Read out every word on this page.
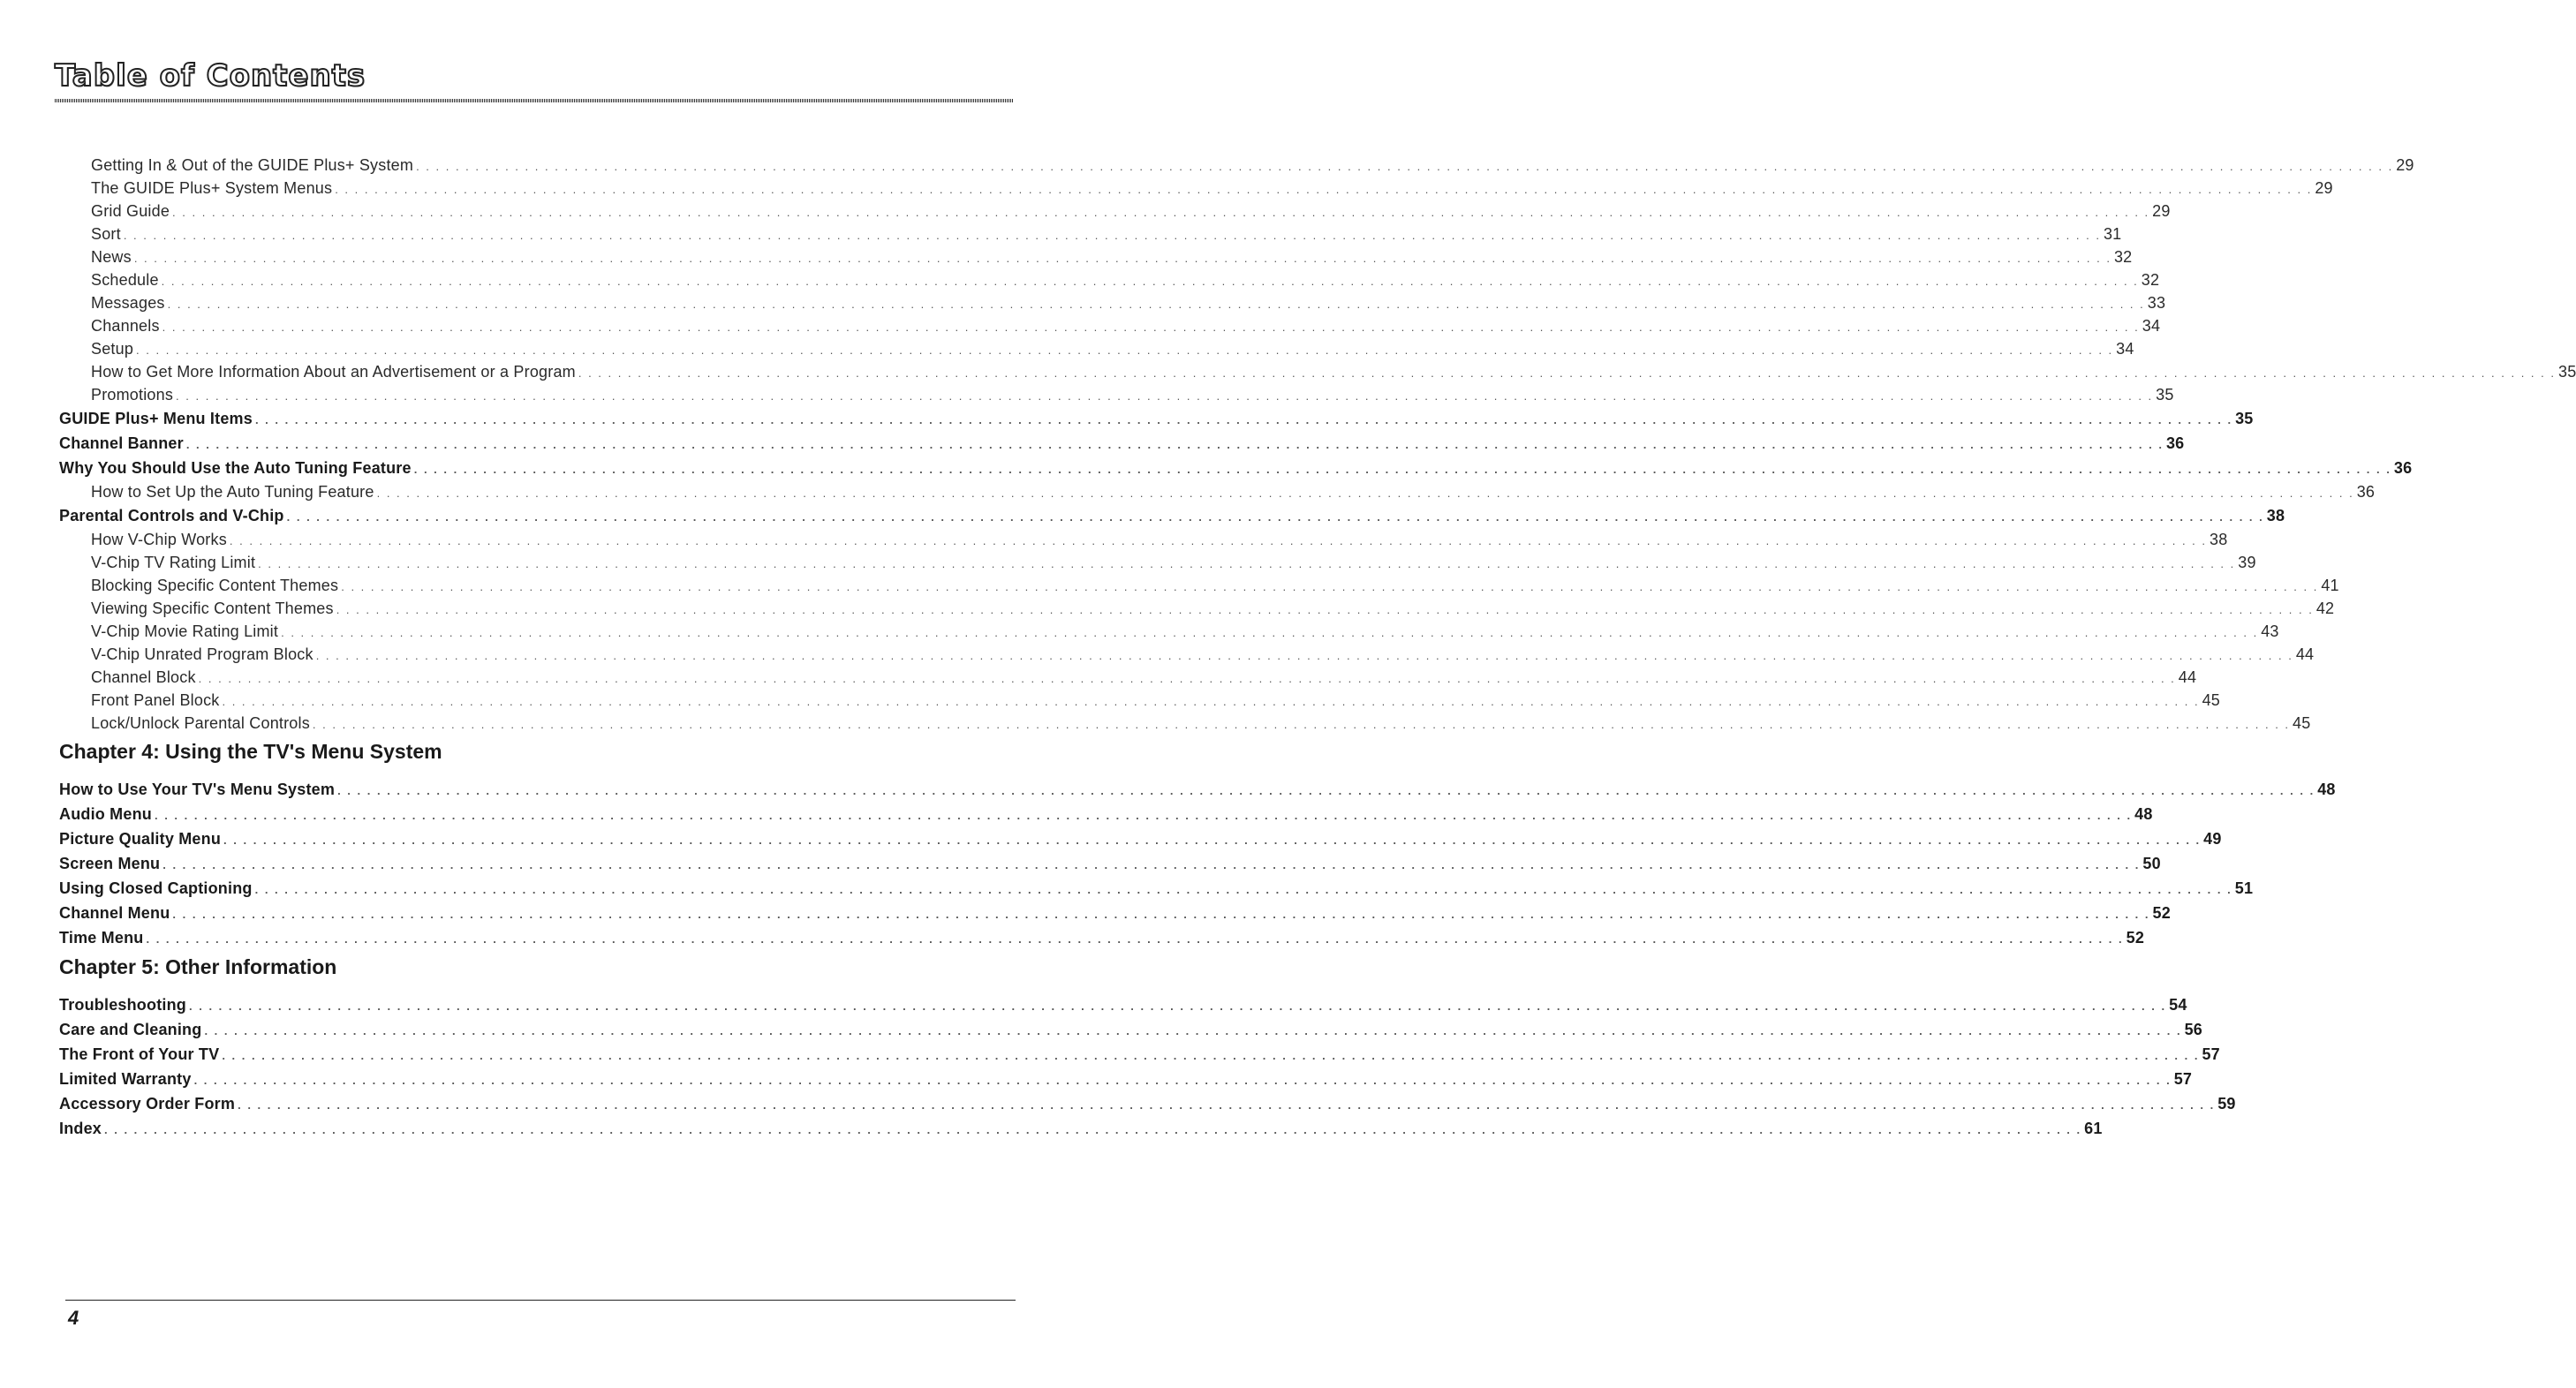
Table of Contents
Getting In & Out of the GUIDE Plus+ System . . . . . . . . . . . . . . . . . . . . . . . . . . . . . . . . . . . . . . . . . . . . . . . . . . . . . . . . . . . . . . . . . . . . . . . . . . . . . . . . . . . . . . . . . . . . . . . . . . . . . . . . . . . . . . . . . . . . . . . . . . . . . . . . . . . . . . . . . . . . . . . . . . . . . . . . . . . . . . . . . . . . . . . . . . . . . . . . . . . . . . . . . . . . . . . . . . . . . . . . 29
The GUIDE Plus+ System Menus . . . . . . . . . . . . . . . . . . . . . . . . . . . . . . . . . . . . . . . . . . . . . . . . . . . . . . . . . . . . . . . . . . . . . . . . . . . . . . . . . . . . . . . . . . . . . . . . . . . . . . . . . . . . . . . . . . . . . . . . . . . . . . . . . . . . . . . . . . . . . . . . . . . . . . . . . . . . . . . . . . . . . . . . . . . . . . . . . . . . . . . . . . . . . . . . . . . . . . . . 29
Grid Guide . . . . . . . . . . . . . . . . . . . . . . . . . . . . . . . . . . . . . . . . . . . . . . . . . . . . . . . . . . . . . . . . . . . . . . . . . . . . . . . . . . . . . . . . . . . . . . . . . . . . . . . . . . . . . . . . . . . . . . . . . . . . . . . . . . . . . . . . . . . . . . . . . . . . . . . . . . . . . . . . . . . . . . . . . . . . . . . . . . . . . . . . . . . . . . . . . . . . . . . . 29
Sort . . . . . . . . . . . . . . . . . . . . . . . . . . . . . . . . . . . . . . . . . . . . . . . . . . . . . . . . . . . . . . . . . . . . . . . . . . . . . . . . . . . . . . . . . . . . . . . . . . . . . . . . . . . . . . . . . . . . . . . . . . . . . . . . . . . . . . . . . . . . . . . . . . . . . . . . . . . . . . . . . . . . . . . . . . . . . . . . . . . . . . . . . . . . . . . . . . . . . . . . 31
News . . . . . . . . . . . . . . . . . . . . . . . . . . . . . . . . . . . . . . . . . . . . . . . . . . . . . . . . . . . . . . . . . . . . . . . . . . . . . . . . . . . . . . . . . . . . . . . . . . . . . . . . . . . . . . . . . . . . . . . . . . . . . . . . . . . . . . . . . . . . . . . . . . . . . . . . . . . . . . . . . . . . . . . . . . . . . . . . . . . . . . . . . . . . . . . . . . . . . . . . 32
Schedule . . . . . . . . . . . . . . . . . . . . . . . . . . . . . . . . . . . . . . . . . . . . . . . . . . . . . . . . . . . . . . . . . . . . . . . . . . . . . . . . . . . . . . . . . . . . . . . . . . . . . . . . . . . . . . . . . . . . . . . . . . . . . . . . . . . . . . . . . . . . . . . . . . . . . . . . . . . . . . . . . . . . . . . . . . . . . . . . . . . . . . . . . . . . . . . . . . . . . . . . 32
Messages . . . . . . . . . . . . . . . . . . . . . . . . . . . . . . . . . . . . . . . . . . . . . . . . . . . . . . . . . . . . . . . . . . . . . . . . . . . . . . . . . . . . . . . . . . . . . . . . . . . . . . . . . . . . . . . . . . . . . . . . . . . . . . . . . . . . . . . . . . . . . . . . . . . . . . . . . . . . . . . . . . . . . . . . . . . . . . . . . . . . . . . . . . . . . . . . . . . . . . . . 33
Channels . . . . . . . . . . . . . . . . . . . . . . . . . . . . . . . . . . . . . . . . . . . . . . . . . . . . . . . . . . . . . . . . . . . . . . . . . . . . . . . . . . . . . . . . . . . . . . . . . . . . . . . . . . . . . . . . . . . . . . . . . . . . . . . . . . . . . . . . . . . . . . . . . . . . . . . . . . . . . . . . . . . . . . . . . . . . . . . . . . . . . . . . . . . . . . . . . . . . . . . . 34
Setup . . . . . . . . . . . . . . . . . . . . . . . . . . . . . . . . . . . . . . . . . . . . . . . . . . . . . . . . . . . . . . . . . . . . . . . . . . . . . . . . . . . . . . . . . . . . . . . . . . . . . . . . . . . . . . . . . . . . . . . . . . . . . . . . . . . . . . . . . . . . . . . . . . . . . . . . . . . . . . . . . . . . . . . . . . . . . . . . . . . . . . . . . . . . . . . . . . . . . . . . 34
How to Get More Information About an Advertisement or a Program . . . . . . . . . . . . . . . . . . . . . . . . . . . . . . . . . . . . . . . . . . . . . . . . . . . . . . . . . . . . . . . . . . . . . . . . . . . . . . . . . . . . . . . . . . . . . . . . . . . . . . . . . . . . . . . . . . . . . . . . . . . . . . . . . . . . . . . . . . . . . . . . . . . . . . . . . . . . . . . . . . . . . . . . . . . . . . . . . . . . . . . . . . . . . . . . . . . . . . . . 35
Promotions . . . . . . . . . . . . . . . . . . . . . . . . . . . . . . . . . . . . . . . . . . . . . . . . . . . . . . . . . . . . . . . . . . . . . . . . . . . . . . . . . . . . . . . . . . . . . . . . . . . . . . . . . . . . . . . . . . . . . . . . . . . . . . . . . . . . . . . . . . . . . . . . . . . . . . . . . . . . . . . . . . . . . . . . . . . . . . . . . . . . . . . . . . . . . . . . . . . . . . . . 35
GUIDE Plus+ Menu Items . . . . . . . . . . . . . . . . . . . . . . . . . . . . . . . . . . . . . . . . . . . . . . . . . . . . . . . . . . . . . . . . . . . . . . . . . . . . . . . . . . . . . . . . . . . . . . . . . . . . . . . . . . . . . . . . . . . . . . . . . . . . . . . . . . . . . . . . . . . . . . . . . . . . . . . . . . . . . . . . . . . . . . . . . . . . . . . . . . . . . . . . . . . . . . . . . . . . . . . . 35
Channel Banner . . . . . . . . . . . . . . . . . . . . . . . . . . . . . . . . . . . . . . . . . . . . . . . . . . . . . . . . . . . . . . . . . . . . . . . . . . . . . . . . . . . . . . . . . . . . . . . . . . . . . . . . . . . . . . . . . . . . . . . . . . . . . . . . . . . . . . . . . . . . . . . . . . . . . . . . . . . . . . . . . . . . . . . . . . . . . . . . . . . . . . . . . . . . . . . . . . . . . . . . 36
Why You Should Use the Auto Tuning Feature . . . . . . . . . . . . . . . . . . . . . . . . . . . . . . . . . . . . . . . . . . . . . . . . . . . . . . . . . . . . . . . . . . . . . . . . . . . . . . . . . . . . . . . . . . . . . . . . . . . . . . . . . . . . . . . . . . . . . . . . . . . . . . . . . . . . . . . . . . . . . . . . . . . . . . . . . . . . . . . . . . . . . . . . . . . . . . . . . . . . . . . . . . . . . . . . . . . . . . . . 36
How to Set Up the Auto Tuning Feature . . . . . . . . . . . . . . . . . . . . . . . . . . . . . . . . . . . . . . . . . . . . . . . . . . . . . . . . . . . . . . . . . . . . . . . . . . . . . . . . . . . . . . . . . . . . . . . . . . . . . . . . . . . . . . . . . . . . . . . . . . . . . . . . . . . . . . . . . . . . . . . . . . . . . . . . . . . . . . . . . . . . . . . . . . . . . . . . . . . . . . . . . . . . . . . . . . . . . . . . 36
Parental Controls and V-Chip . . . . . . . . . . . . . . . . . . . . . . . . . . . . . . . . . . . . . . . . . . . . . . . . . . . . . . . . . . . . . . . . . . . . . . . . . . . . . . . . . . . . . . . . . . . . . . . . . . . . . . . . . . . . . . . . . . . . . . . . . . . . . . . . . . . . . . . . . . . . . . . . . . . . . . . . . . . . . . . . . . . . . . . . . . . . . . . . . . . . . . . . . . . . . . . . . . . . . . . . 38
How V-Chip Works . . . . . . . . . . . . . . . . . . . . . . . . . . . . . . . . . . . . . . . . . . . . . . . . . . . . . . . . . . . . . . . . . . . . . . . . . . . . . . . . . . . . . . . . . . . . . . . . . . . . . . . . . . . . . . . . . . . . . . . . . . . . . . . . . . . . . . . . . . . . . . . . . . . . . . . . . . . . . . . . . . . . . . . . . . . . . . . . . . . . . . . . . . . . . . . . . . . . . . . . 38
V-Chip TV Rating Limit . . . . . . . . . . . . . . . . . . . . . . . . . . . . . . . . . . . . . . . . . . . . . . . . . . . . . . . . . . . . . . . . . . . . . . . . . . . . . . . . . . . . . . . . . . . . . . . . . . . . . . . . . . . . . . . . . . . . . . . . . . . . . . . . . . . . . . . . . . . . . . . . . . . . . . . . . . . . . . . . . . . . . . . . . . . . . . . . . . . . . . . . . . . . . . . . . . . . . . . . 39
Blocking Specific Content Themes . . . . . . . . . . . . . . . . . . . . . . . . . . . . . . . . . . . . . . . . . . . . . . . . . . . . . . . . . . . . . . . . . . . . . . . . . . . . . . . . . . . . . . . . . . . . . . . . . . . . . . . . . . . . . . . . . . . . . . . . . . . . . . . . . . . . . . . . . . . . . . . . . . . . . . . . . . . . . . . . . . . . . . . . . . . . . . . . . . . . . . . . . . . . . . . . . . . . . . . . 41
Viewing Specific Content Themes . . . . . . . . . . . . . . . . . . . . . . . . . . . . . . . . . . . . . . . . . . . . . . . . . . . . . . . . . . . . . . . . . . . . . . . . . . . . . . . . . . . . . . . . . . . . . . . . . . . . . . . . . . . . . . . . . . . . . . . . . . . . . . . . . . . . . . . . . . . . . . . . . . . . . . . . . . . . . . . . . . . . . . . . . . . . . . . . . . . . . . . . . . . . . . . . . . . . . . . . 42
V-Chip Movie Rating Limit . . . . . . . . . . . . . . . . . . . . . . . . . . . . . . . . . . . . . . . . . . . . . . . . . . . . . . . . . . . . . . . . . . . . . . . . . . . . . . . . . . . . . . . . . . . . . . . . . . . . . . . . . . . . . . . . . . . . . . . . . . . . . . . . . . . . . . . . . . . . . . . . . . . . . . . . . . . . . . . . . . . . . . . . . . . . . . . . . . . . . . . . . . . . . . . . . . . . . . . . 43
V-Chip Unrated Program Block . . . . . . . . . . . . . . . . . . . . . . . . . . . . . . . . . . . . . . . . . . . . . . . . . . . . . . . . . . . . . . . . . . . . . . . . . . . . . . . . . . . . . . . . . . . . . . . . . . . . . . . . . . . . . . . . . . . . . . . . . . . . . . . . . . . . . . . . . . . . . . . . . . . . . . . . . . . . . . . . . . . . . . . . . . . . . . . . . . . . . . . . . . . . . . . . . . . . . . . . 44
Channel Block . . . . . . . . . . . . . . . . . . . . . . . . . . . . . . . . . . . . . . . . . . . . . . . . . . . . . . . . . . . . . . . . . . . . . . . . . . . . . . . . . . . . . . . . . . . . . . . . . . . . . . . . . . . . . . . . . . . . . . . . . . . . . . . . . . . . . . . . . . . . . . . . . . . . . . . . . . . . . . . . . . . . . . . . . . . . . . . . . . . . . . . . . . . . . . . . . . . . . . . . 44
Front Panel Block . . . . . . . . . . . . . . . . . . . . . . . . . . . . . . . . . . . . . . . . . . . . . . . . . . . . . . . . . . . . . . . . . . . . . . . . . . . . . . . . . . . . . . . . . . . . . . . . . . . . . . . . . . . . . . . . . . . . . . . . . . . . . . . . . . . . . . . . . . . . . . . . . . . . . . . . . . . . . . . . . . . . . . . . . . . . . . . . . . . . . . . . . . . . . . . . . . . . . . . . 45
Lock/Unlock Parental Controls . . . . . . . . . . . . . . . . . . . . . . . . . . . . . . . . . . . . . . . . . . . . . . . . . . . . . . . . . . . . . . . . . . . . . . . . . . . . . . . . . . . . . . . . . . . . . . . . . . . . . . . . . . . . . . . . . . . . . . . . . . . . . . . . . . . . . . . . . . . . . . . . . . . . . . . . . . . . . . . . . . . . . . . . . . . . . . . . . . . . . . . . . . . . . . . . . . . . . . . . 45
Chapter 4: Using the TV's Menu System
How to Use Your TV's Menu System . . . . . . . . . . . . . . . . . . . . . . . . . . . . . . . . . . . . . . . . . . . . . . . . . . . . . . . . . . . . . . . . . . . . . . . . . . . . . . . . . . . . . . . . . . . . . . . . . . . . . . . . . . . . . . . . . . . . . . . . . . . . . . . . . . . . . . . . . . . . . . . . . . . . . . . . . . . . . . . . . . . . . . . . . . . . . . . . . . . . . . . . . . . . . . . . . . . . . . . . 48
Audio Menu . . . . . . . . . . . . . . . . . . . . . . . . . . . . . . . . . . . . . . . . . . . . . . . . . . . . . . . . . . . . . . . . . . . . . . . . . . . . . . . . . . . . . . . . . . . . . . . . . . . . . . . . . . . . . . . . . . . . . . . . . . . . . . . . . . . . . . . . . . . . . . . . . . . . . . . . . . . . . . . . . . . . . . . . . . . . . . . . . . . . . . . . . . . . . . . . . . . . . . . . 48
Picture Quality Menu . . . . . . . . . . . . . . . . . . . . . . . . . . . . . . . . . . . . . . . . . . . . . . . . . . . . . . . . . . . . . . . . . . . . . . . . . . . . . . . . . . . . . . . . . . . . . . . . . . . . . . . . . . . . . . . . . . . . . . . . . . . . . . . . . . . . . . . . . . . . . . . . . . . . . . . . . . . . . . . . . . . . . . . . . . . . . . . . . . . . . . . . . . . . . . . . . . . . . . . . 49
Screen Menu . . . . . . . . . . . . . . . . . . . . . . . . . . . . . . . . . . . . . . . . . . . . . . . . . . . . . . . . . . . . . . . . . . . . . . . . . . . . . . . . . . . . . . . . . . . . . . . . . . . . . . . . . . . . . . . . . . . . . . . . . . . . . . . . . . . . . . . . . . . . . . . . . . . . . . . . . . . . . . . . . . . . . . . . . . . . . . . . . . . . . . . . . . . . . . . . . . . . . . . . 50
Using Closed Captioning . . . . . . . . . . . . . . . . . . . . . . . . . . . . . . . . . . . . . . . . . . . . . . . . . . . . . . . . . . . . . . . . . . . . . . . . . . . . . . . . . . . . . . . . . . . . . . . . . . . . . . . . . . . . . . . . . . . . . . . . . . . . . . . . . . . . . . . . . . . . . . . . . . . . . . . . . . . . . . . . . . . . . . . . . . . . . . . . . . . . . . . . . . . . . . . . . . . . . . . . 51
Channel Menu . . . . . . . . . . . . . . . . . . . . . . . . . . . . . . . . . . . . . . . . . . . . . . . . . . . . . . . . . . . . . . . . . . . . . . . . . . . . . . . . . . . . . . . . . . . . . . . . . . . . . . . . . . . . . . . . . . . . . . . . . . . . . . . . . . . . . . . . . . . . . . . . . . . . . . . . . . . . . . . . . . . . . . . . . . . . . . . . . . . . . . . . . . . . . . . . . . . . . . . . 52
Time Menu . . . . . . . . . . . . . . . . . . . . . . . . . . . . . . . . . . . . . . . . . . . . . . . . . . . . . . . . . . . . . . . . . . . . . . . . . . . . . . . . . . . . . . . . . . . . . . . . . . . . . . . . . . . . . . . . . . . . . . . . . . . . . . . . . . . . . . . . . . . . . . . . . . . . . . . . . . . . . . . . . . . . . . . . . . . . . . . . . . . . . . . . . . . . . . . . . . . . . . . . 52
Chapter 5: Other Information
Troubleshooting . . . . . . . . . . . . . . . . . . . . . . . . . . . . . . . . . . . . . . . . . . . . . . . . . . . . . . . . . . . . . . . . . . . . . . . . . . . . . . . . . . . . . . . . . . . . . . . . . . . . . . . . . . . . . . . . . . . . . . . . . . . . . . . . . . . . . . . . . . . . . . . . . . . . . . . . . . . . . . . . . . . . . . . . . . . . . . . . . . . . . . . . . . . . . . . . . . . . . . . . 54
Care and Cleaning . . . . . . . . . . . . . . . . . . . . . . . . . . . . . . . . . . . . . . . . . . . . . . . . . . . . . . . . . . . . . . . . . . . . . . . . . . . . . . . . . . . . . . . . . . . . . . . . . . . . . . . . . . . . . . . . . . . . . . . . . . . . . . . . . . . . . . . . . . . . . . . . . . . . . . . . . . . . . . . . . . . . . . . . . . . . . . . . . . . . . . . . . . . . . . . . . . . . . . . . 56
The Front of Your TV . . . . . . . . . . . . . . . . . . . . . . . . . . . . . . . . . . . . . . . . . . . . . . . . . . . . . . . . . . . . . . . . . . . . . . . . . . . . . . . . . . . . . . . . . . . . . . . . . . . . . . . . . . . . . . . . . . . . . . . . . . . . . . . . . . . . . . . . . . . . . . . . . . . . . . . . . . . . . . . . . . . . . . . . . . . . . . . . . . . . . . . . . . . . . . . . . . . . . . . . 57
Limited Warranty . . . . . . . . . . . . . . . . . . . . . . . . . . . . . . . . . . . . . . . . . . . . . . . . . . . . . . . . . . . . . . . . . . . . . . . . . . . . . . . . . . . . . . . . . . . . . . . . . . . . . . . . . . . . . . . . . . . . . . . . . . . . . . . . . . . . . . . . . . . . . . . . . . . . . . . . . . . . . . . . . . . . . . . . . . . . . . . . . . . . . . . . . . . . . . . . . . . . . . . . 57
Accessory Order Form . . . . . . . . . . . . . . . . . . . . . . . . . . . . . . . . . . . . . . . . . . . . . . . . . . . . . . . . . . . . . . . . . . . . . . . . . . . . . . . . . . . . . . . . . . . . . . . . . . . . . . . . . . . . . . . . . . . . . . . . . . . . . . . . . . . . . . . . . . . . . . . . . . . . . . . . . . . . . . . . . . . . . . . . . . . . . . . . . . . . . . . . . . . . . . . . . . . . . . . . 59
Index . . . . . . . . . . . . . . . . . . . . . . . . . . . . . . . . . . . . . . . . . . . . . . . . . . . . . . . . . . . . . . . . . . . . . . . . . . . . . . . . . . . . . . . . . . . . . . . . . . . . . . . . . . . . . . . . . . . . . . . . . . . . . . . . . . . . . . . . . . . . . . . . . . . . . . . . . . . . . . . . . . . . . . . . . . . . . . . . . . . . . . . . . . . . . . . . . . . . . . . . 61
4
